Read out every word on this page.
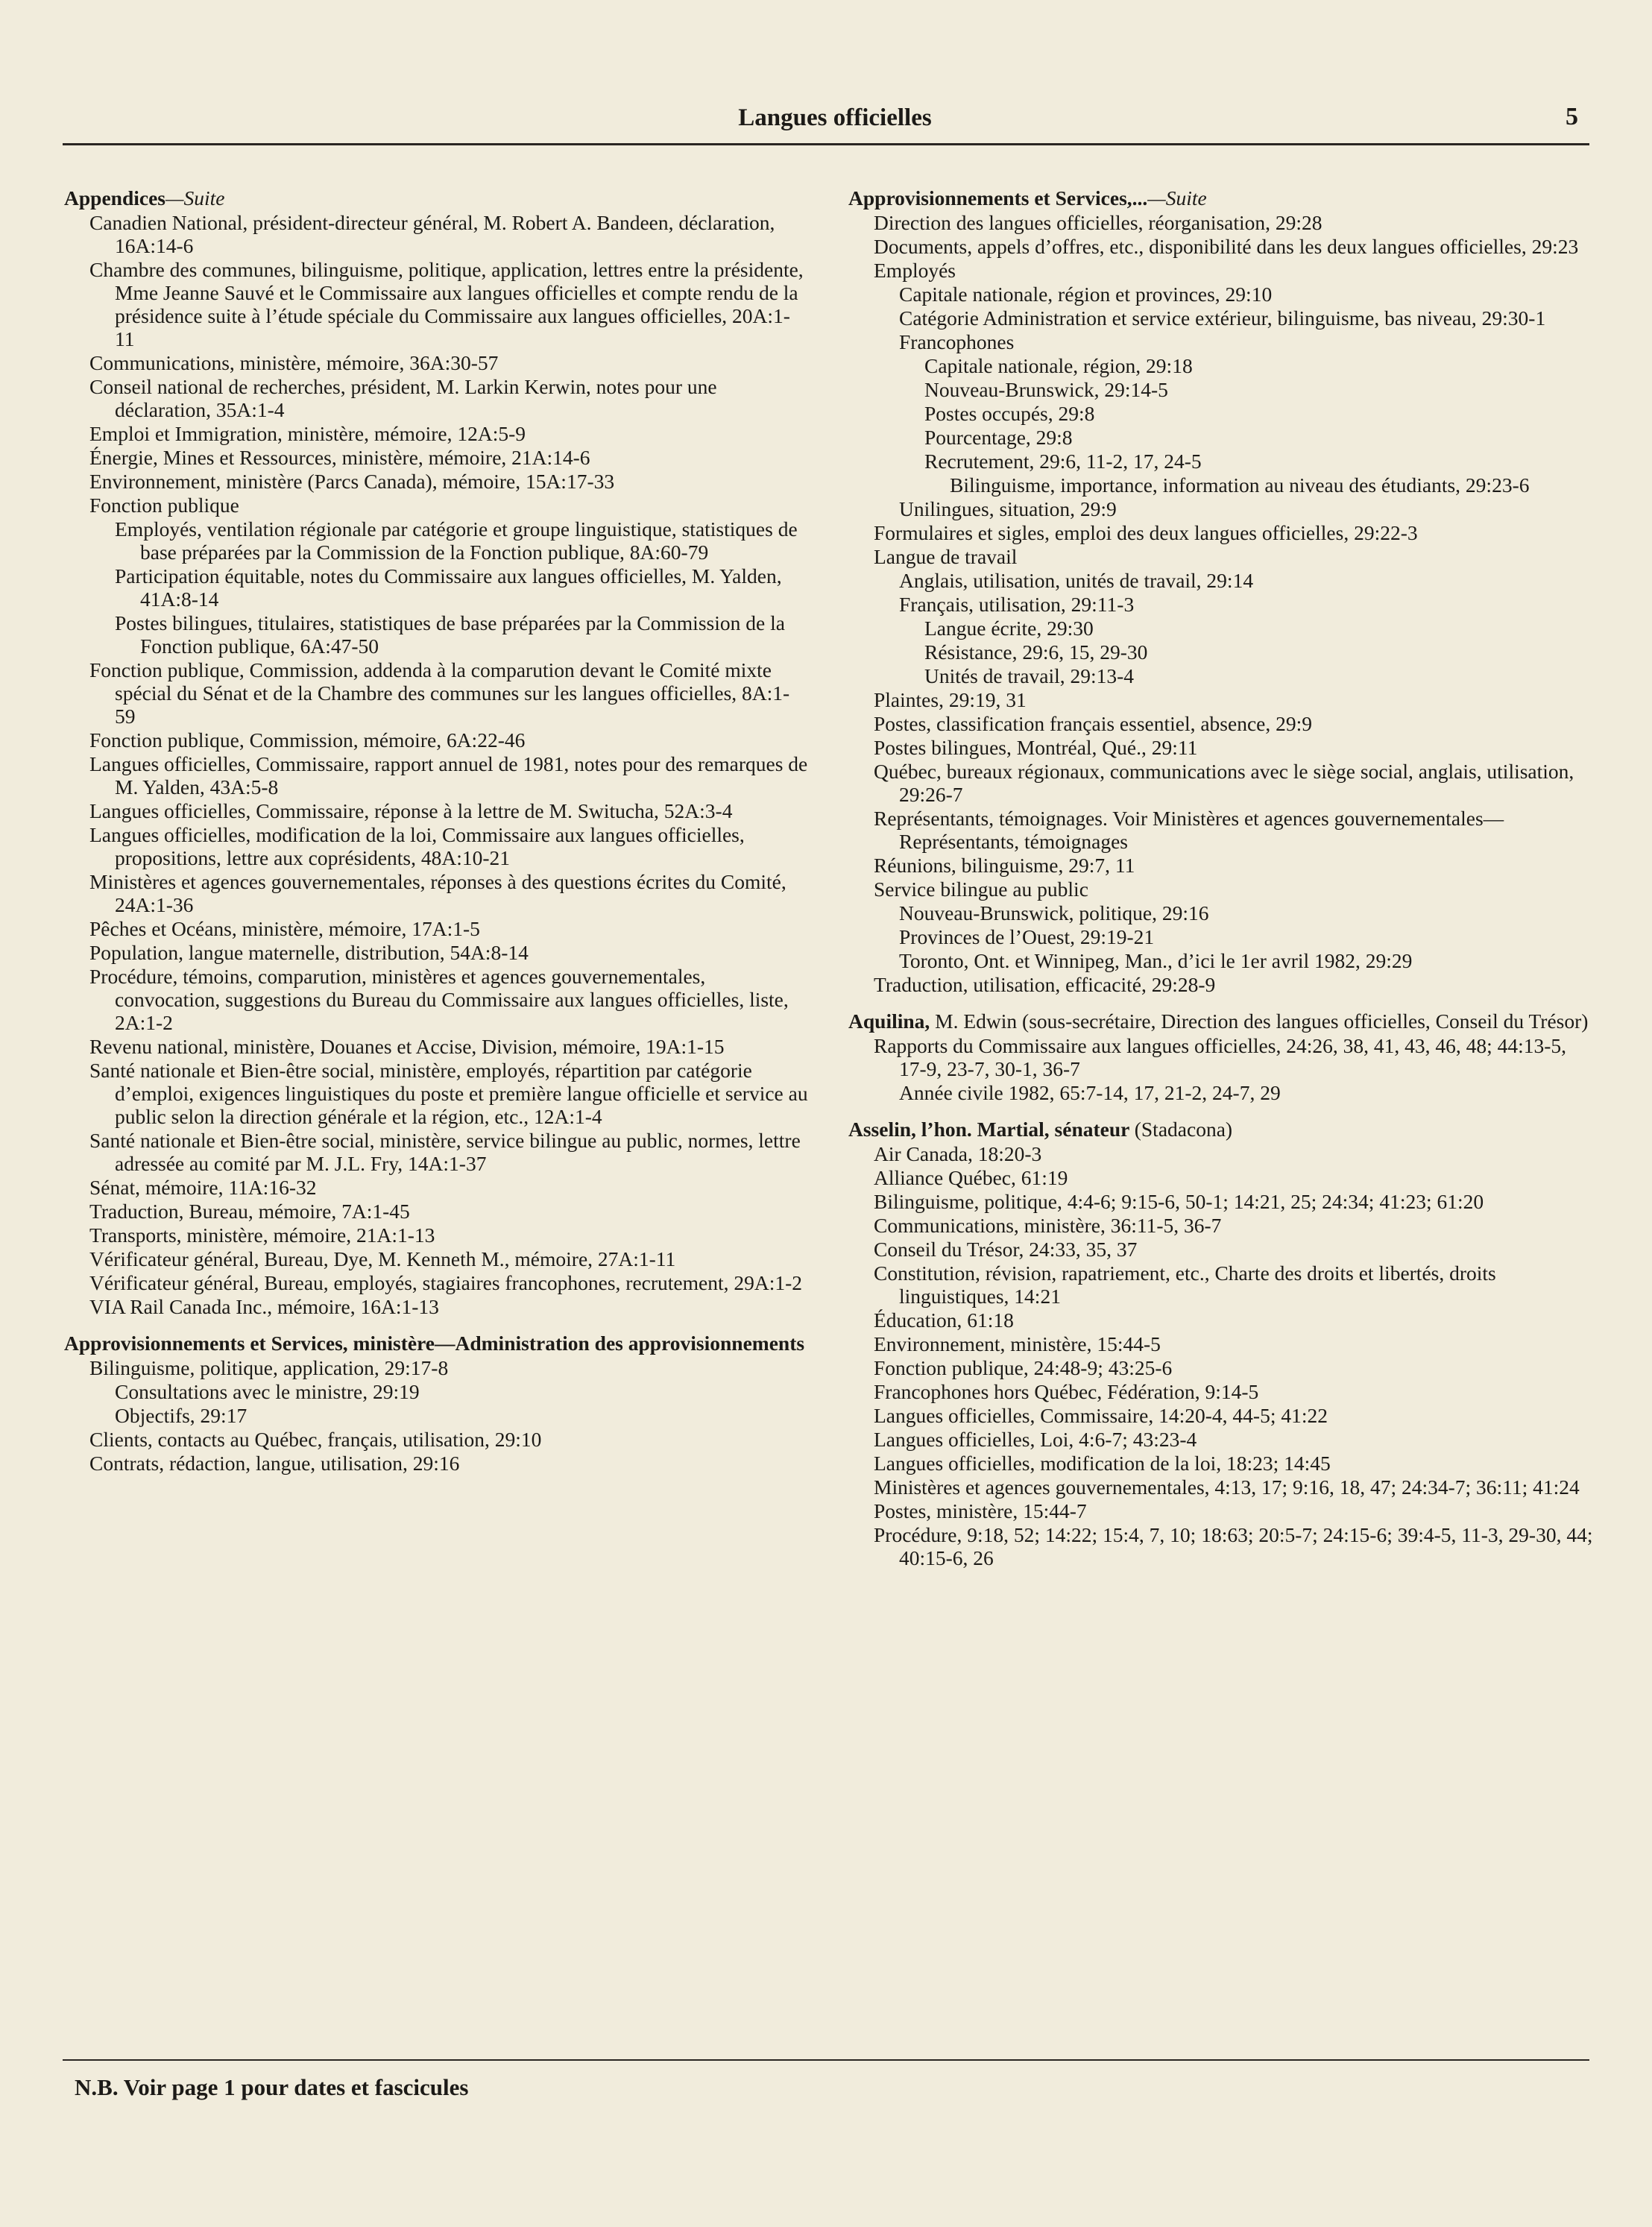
Langues officielles	5
Appendices—Suite
Canadien National, président-directeur général, M. Robert A. Bandeen, déclaration, 16A:14-6
Chambre des communes, bilinguisme, politique, application, lettres entre la présidente, Mme Jeanne Sauvé et le Commissaire aux langues officielles et compte rendu de la présidence suite à l’étude spéciale du Commissaire aux langues officielles, 20A:1-11
Communications, ministère, mémoire, 36A:30-57
Conseil national de recherches, président, M. Larkin Kerwin, notes pour une déclaration, 35A:1-4
Emploi et Immigration, ministère, mémoire, 12A:5-9
Énergie, Mines et Ressources, ministère, mémoire, 21A:14-6
Environnement, ministère (Parcs Canada), mémoire, 15A:17-33
Fonction publique
Employés, ventilation régionale par catégorie et groupe linguistique, statistiques de base préparées par la Commission de la Fonction publique, 8A:60-79
Participation équitable, notes du Commissaire aux langues officielles, M. Yalden, 41A:8-14
Postes bilingues, titulaires, statistiques de base préparées par la Commission de la Fonction publique, 6A:47-50
Fonction publique, Commission, addenda à la comparution devant le Comité mixte spécial du Sénat et de la Chambre des communes sur les langues officielles, 8A:1-59
Fonction publique, Commission, mémoire, 6A:22-46
Langues officielles, Commissaire, rapport annuel de 1981, notes pour des remarques de M. Yalden, 43A:5-8
Langues officielles, Commissaire, réponse à la lettre de M. Switucha, 52A:3-4
Langues officielles, modification de la loi, Commissaire aux langues officielles, propositions, lettre aux coprésidents, 48A:10-21
Ministères et agences gouvernementales, réponses à des questions écrites du Comité, 24A:1-36
Pêches et Océans, ministère, mémoire, 17A:1-5
Population, langue maternelle, distribution, 54A:8-14
Procédure, témoins, comparution, ministères et agences gouvernementales, convocation, suggestions du Bureau du Commissaire aux langues officielles, liste, 2A:1-2
Revenu national, ministère, Douanes et Accise, Division, mémoire, 19A:1-15
Santé nationale et Bien-être social, ministère, employés, répartition par catégorie d’emploi, exigences linguistiques du poste et première langue officielle et service au public selon la direction générale et la région, etc., 12A:1-4
Santé nationale et Bien-être social, ministère, service bilingue au public, normes, lettre adressée au comité par M. J.L. Fry, 14A:1-37
Sénat, mémoire, 11A:16-32
Traduction, Bureau, mémoire, 7A:1-45
Transports, ministère, mémoire, 21A:1-13
Vérificateur général, Bureau, Dye, M. Kenneth M., mémoire, 27A:1-11
Vérificateur général, Bureau, employés, stagiaires francophones, recrutement, 29A:1-2
VIA Rail Canada Inc., mémoire, 16A:1-13
Approvisionnements et Services, ministère—Administration des approvisionnements
Bilinguisme, politique, application, 29:17-8
Consultations avec le ministre, 29:19
Objectifs, 29:17
Clients, contacts au Québec, français, utilisation, 29:10
Contrats, rédaction, langue, utilisation, 29:16
Approvisionnements et Services,...—Suite
Direction des langues officielles, réorganisation, 29:28
Documents, appels d’offres, etc., disponibilité dans les deux langues officielles, 29:23
Employés
Capitale nationale, région et provinces, 29:10
Catégorie Administration et service extérieur, bilinguisme, bas niveau, 29:30-1
Francophones
Capitale nationale, région, 29:18
Nouveau-Brunswick, 29:14-5
Postes occupés, 29:8
Pourcentage, 29:8
Recrutement, 29:6, 11-2, 17, 24-5
Bilinguisme, importance, information au niveau des étudiants, 29:23-6
Unilingues, situation, 29:9
Formulaires et sigles, emploi des deux langues officielles, 29:22-3
Langue de travail
Anglais, utilisation, unités de travail, 29:14
Français, utilisation, 29:11-3
Langue écrite, 29:30
Résistance, 29:6, 15, 29-30
Unités de travail, 29:13-4
Plaintes, 29:19, 31
Postes, classification français essentiel, absence, 29:9
Postes bilingues, Montréal, Qué., 29:11
Québec, bureaux régionaux, communications avec le siège social, anglais, utilisation, 29:26-7
Représentants, témoignages. Voir Ministères et agences gouvernementales—Représentants, témoignages
Réunions, bilinguisme, 29:7, 11
Service bilingue au public
Nouveau-Brunswick, politique, 29:16
Provinces de l’Ouest, 29:19-21
Toronto, Ont. et Winnipeg, Man., d’ici le 1er avril 1982, 29:29
Traduction, utilisation, efficacité, 29:28-9
Aquilina, M. Edwin (sous-secrétaire, Direction des langues officielles, Conseil du Trésor)
Rapports du Commissaire aux langues officielles, 24:26, 38, 41, 43, 46, 48; 44:13-5, 17-9, 23-7, 30-1, 36-7
Année civile 1982, 65:7-14, 17, 21-2, 24-7, 29
Asselin, l’hon. Martial, sénateur (Stadacona)
Air Canada, 18:20-3
Alliance Québec, 61:19
Bilinguisme, politique, 4:4-6; 9:15-6, 50-1; 14:21, 25; 24:34; 41:23; 61:20
Communications, ministère, 36:11-5, 36-7
Conseil du Trésor, 24:33, 35, 37
Constitution, révision, rapatriement, etc., Charte des droits et libertés, droits linguistiques, 14:21
Éducation, 61:18
Environnement, ministère, 15:44-5
Fonction publique, 24:48-9; 43:25-6
Francophones hors Québec, Fédération, 9:14-5
Langues officielles, Commissaire, 14:20-4, 44-5; 41:22
Langues officielles, Loi, 4:6-7; 43:23-4
Langues officielles, modification de la loi, 18:23; 14:45
Ministères et agences gouvernementales, 4:13, 17; 9:16, 18, 47; 24:34-7; 36:11; 41:24
Postes, ministère, 15:44-7
Procédure, 9:18, 52; 14:22; 15:4, 7, 10; 18:63; 20:5-7; 24:15-6; 39:4-5, 11-3, 29-30, 44; 40:15-6, 26
N.B. Voir page 1 pour dates et fascicules
